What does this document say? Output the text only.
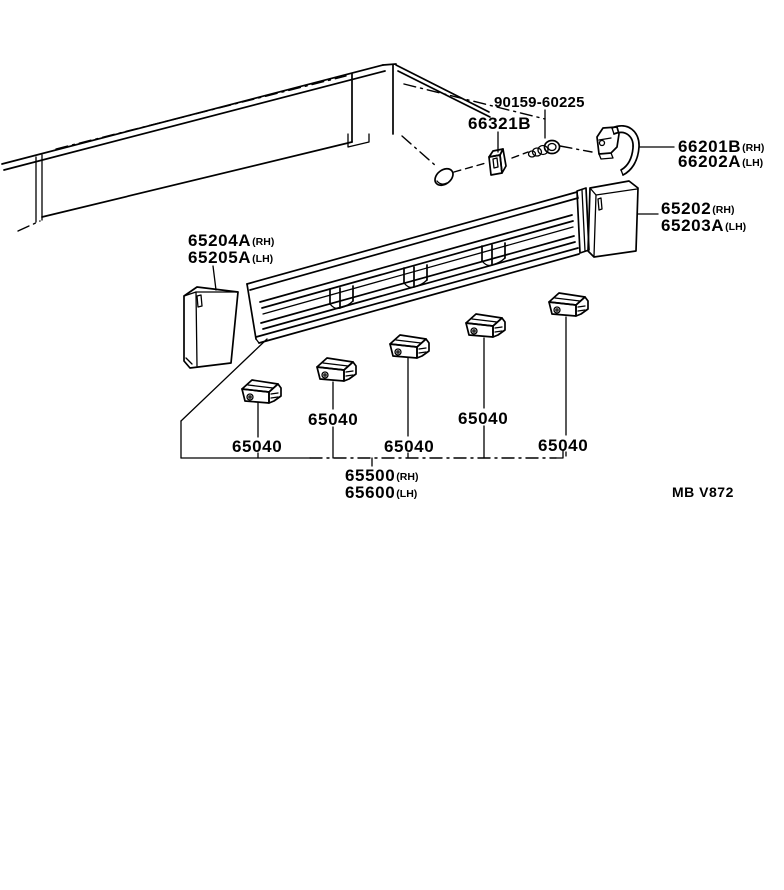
90159-60225
66321B
66201B(RH)
66202A(LH)
65202(RH)
65203A(LH)
65204A(RH)
65205A(LH)
65040
65040
65040
65040
65040
65500(RH)
65600(LH)	MB V872
